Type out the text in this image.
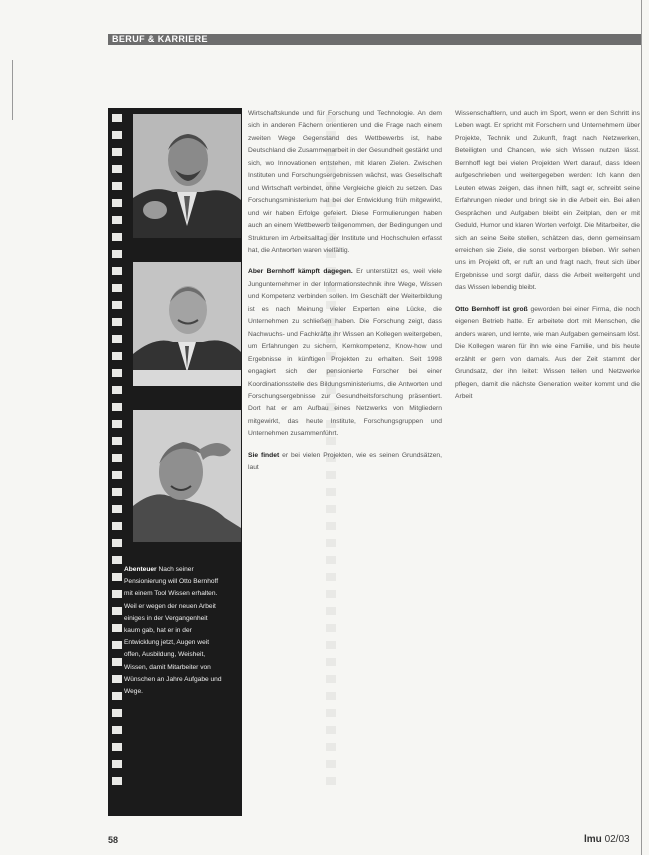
BERUF & KARRIERE
Abenteuer Nach seiner Pensionierung will Otto Bernhoff mit einem Tool Wissen erhalten. Weil er wegen der neuen Arbeit einiges in der Vergangenheit kaum gab, hat er in der Entwicklung jetzt, Augen weit offen, Ausbildung, Weisheit, Wissen, damit Mitarbeiter von Wünschen an Jahre Aufgabe und Wege.

Wirtschaftskunde und für Forschung und Technologie. An dem sich in anderen Fächern orientieren und die Frage nach einem zweiten Wege Gegenstand des Wettbewerbs ist, habe Deutschland die Zusammenarbeit in der Gesundheit gestärkt und sich, wo Innovationen entstehen, mit klaren Zielen. Zwischen Instituten und Forschungsergebnissen wächst, was Gesellschaft und Wirtschaft verbindet, ohne Vergleiche gleich zu setzen. Das Forschungsministerium hat bei der Entwicklung früh mitgewirkt, und wir haben Erfolge gefeiert. Diese Formulierungen haben auch an einem Wettbewerb teilgenommen, der Bedingungen und Strukturen im Arbeitsalltag der Institute und Hochschulen erfasst hat, die Antworten waren vielfältig.

Aber Bernhoff kämpft dagegen. Er unterstützt es, weil viele Jungunternehmer in der Informationstechnik ihre Wege, Wissen und Kompetenz verbinden sollen. Im Geschäft der Weiterbildung ist es nach Meinung vieler Experten eine Lücke, die Unternehmen zu schließen haben. Die Forschung zeigt, dass Nachwuchs- und Fachkräfte ihr Wissen an Kollegen weitergeben, um Erfahrungen zu sichern, Kernkompetenz, Know-how und Ergebnisse in künftigen Projekten zu erhalten. Seit 1998 engagiert sich der pensionierte Forscher bei einer Koordinationsstelle des Bildungsministeriums, die Antworten und Forschungsergebnisse zur Gesundheitsforschung präsentiert. Dort hat er am Aufbau eines Netzwerks von Mitgliedern mitgewirkt, das heute Institute, Forschungsgruppen und Unternehmen zusammenführt.

Sie findet er bei vielen Projekten, wie es seinen Grundsätzen, laut

Wissenschaftlern, und auch im Sport, wenn er den Schritt ins Leben wagt. Er spricht mit Forschern und Unternehmern über Projekte, Technik und Zukunft, fragt nach Netzwerken, Beteiligten und Chancen, wie sich Wissen nutzen lässt. Bernhoff legt bei vielen Projekten Wert darauf, dass Ideen aufgeschrieben und weitergegeben werden: Ich kann den Leuten etwas zeigen, das ihnen hilft, sagt er, schreibt seine Erfahrungen nieder und bringt sie in die Arbeit ein. Bei allen Gesprächen und Aufgaben bleibt ein Zeitplan, den er mit Geduld, Humor und klaren Worten verfolgt. Die Mitarbeiter, die sich an seine Seite stellen, schätzen das, denn gemeinsam erreichen sie Ziele, die sonst verborgen blieben. Wir sehen uns im Projekt oft, er ruft an und fragt nach, freut sich über Ergebnisse und sorgt dafür, dass die Arbeit weitergeht und das Wissen lebendig bleibt.

Otto Bernhoff ist groß geworden bei einer Firma, die noch eigenen Betrieb hatte. Er arbeitete dort mit Menschen, die anders waren, und lernte, wie man Aufgaben gemeinsam löst. Die Kollegen waren für ihn wie eine Familie, und bis heute erzählt er gern von damals. Aus der Zeit stammt der Grundsatz, der ihn leitet: Wissen teilen und Netzwerke pflegen, damit die nächste Generation weiter kommt und die Arbeit

58	lmu 02/03
